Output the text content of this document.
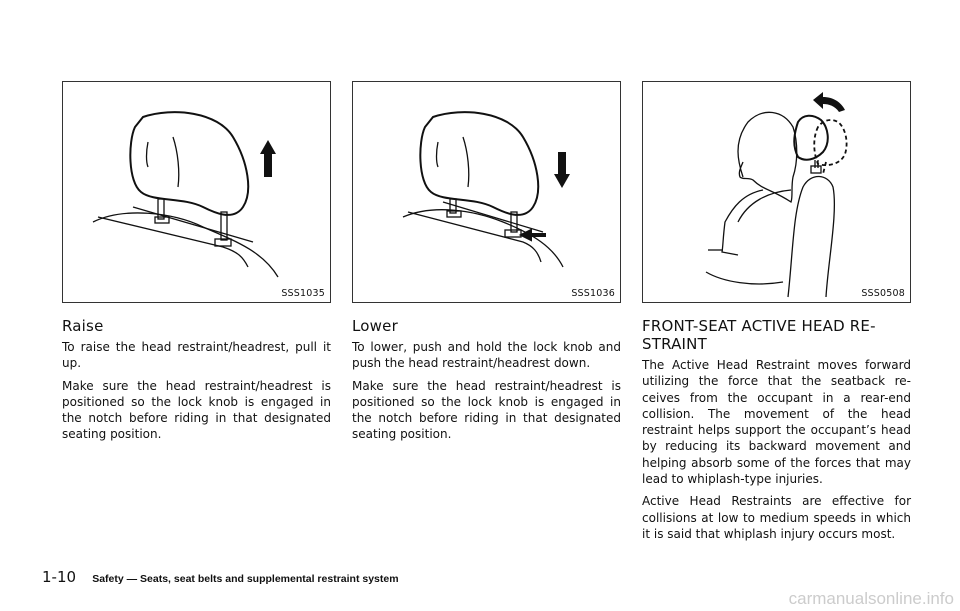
SSS1035
Raise

To raise the head restraint/headrest, pull it up.

Make sure the head restraint/headrest is positioned so the lock knob is engaged in the notch before riding in that designated seating position.

SSS1036
Lower

To lower, push and hold the lock knob and push the head restraint/headrest down.

Make sure the head restraint/headrest is positioned so the lock knob is engaged in the notch before riding in that designated seating position.

SSS0508
FRONT-SEAT ACTIVE HEAD RE-STRAINT

The Active Head Restraint moves forward utilizing the force that the seatback re-ceives from the occupant in a rear-end collision. The movement of the head restraint helps support the occupant’s head by reducing its backward movement and helping absorb some of the forces that may lead to whiplash-type injuries.

Active Head Restraints are effective for collisions at low to medium speeds in which it is said that whiplash injury occurs most.

1-10 Safety — Seats, seat belts and supplemental restraint system
carmanualsonline.info
